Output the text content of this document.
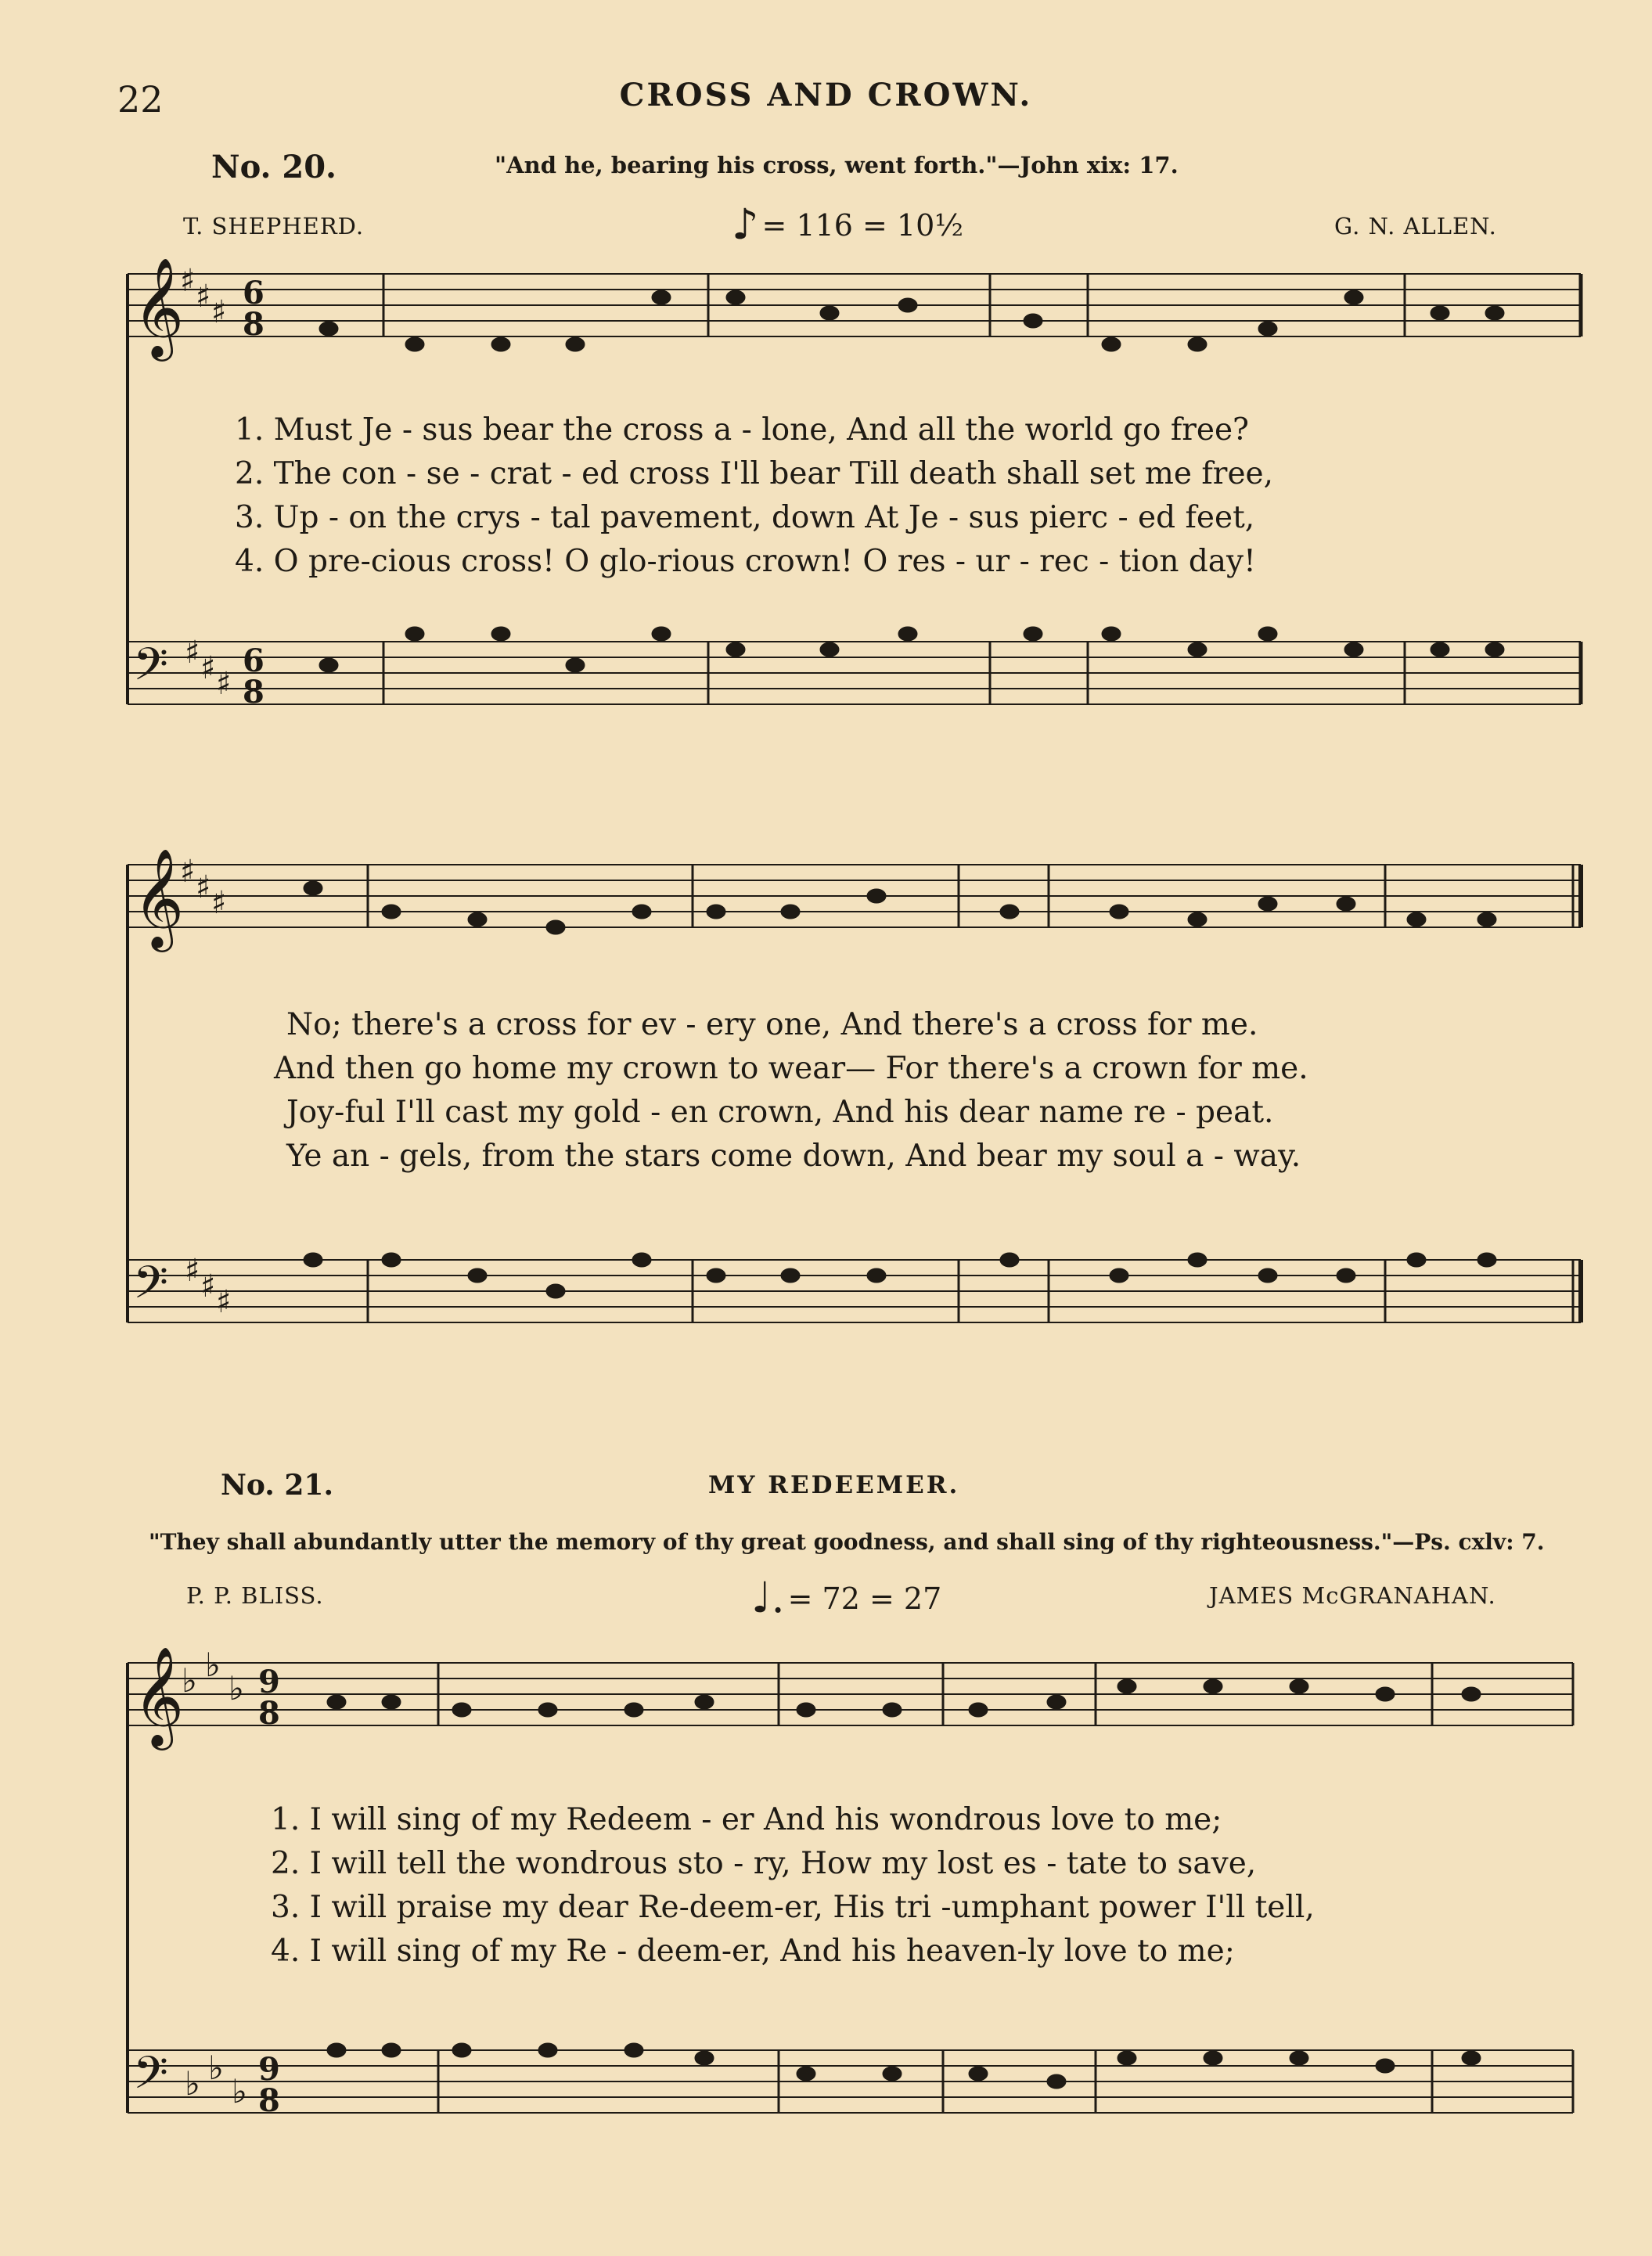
22	CROSS AND CROWN.
No. 20.	"And he, bearing his cross, went forth."—John xix: 17.
T. SHEPHERD.	♪ = 116 = 10½	G. N. ALLEN.
𝄞
𝄢
♯ ♯ ♯
♯ ♯ ♯
6
8
6
8
𝄞
𝄢
♯ ♯ ♯
♯ ♯ ♯
𝄞
𝄢
♭ ♭
♭
♭ ♭
♭
9
8
9
8
1. Must Je - sus bear the cross a - lone, And all the world go free?
2. The con - se - crat - ed cross I'll bear Till death shall set me free,
3. Up - on the crys - tal pavement, down At Je - sus pierc - ed feet,
4. O pre-cious cross! O glo-rious crown! O res - ur - rec - tion day!
No; there's a cross for ev - ery one, And there's a cross for me.
And then go home my crown to wear— For there's a crown for me.
Joy-ful I'll cast my gold - en crown, And his dear name re - peat.
Ye an - gels, from the stars come down, And bear my soul a - way.
No. 21.	MY REDEEMER.
"They shall abundantly utter the memory of thy great goodness, and shall sing of thy righteousness."—Ps. cxlv: 7.
P. P. BLISS.	♩. = 72 = 27	JAMES McGRANAHAN.
1. I will sing of my Redeem - er And his wondrous love to me;
2. I will tell the wondrous sto - ry, How my lost es - tate to save,
3. I will praise my dear Re-deem-er, His tri -umphant power I'll tell,
4. I will sing of my Re - deem-er, And his heaven-ly love to me;
